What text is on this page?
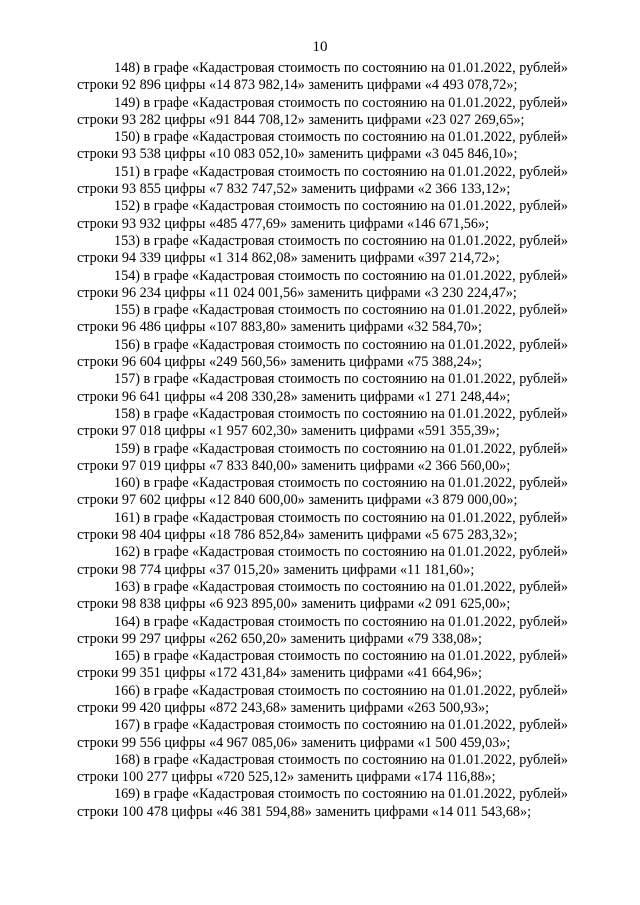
10
148) в графе «Кадастровая стоимость по состоянию на 01.01.2022, рублей»
строки 92 896 цифры «14 873 982,14» заменить цифрами «4 493 078,72»;
149) в графе «Кадастровая стоимость по состоянию на 01.01.2022, рублей»
строки 93 282 цифры «91 844 708,12» заменить цифрами «23 027 269,65»;
150) в графе «Кадастровая стоимость по состоянию на 01.01.2022, рублей»
строки 93 538 цифры «10 083 052,10» заменить цифрами «3 045 846,10»;
151) в графе «Кадастровая стоимость по состоянию на 01.01.2022, рублей»
строки 93 855 цифры «7 832 747,52» заменить цифрами «2 366 133,12»;
152) в графе «Кадастровая стоимость по состоянию на 01.01.2022, рублей»
строки 93 932 цифры «485 477,69» заменить цифрами «146 671,56»;
153) в графе «Кадастровая стоимость по состоянию на 01.01.2022, рублей»
строки 94 339 цифры «1 314 862,08» заменить цифрами «397 214,72»;
154) в графе «Кадастровая стоимость по состоянию на 01.01.2022, рублей»
строки 96 234 цифры «11 024 001,56» заменить цифрами «3 230 224,47»;
155) в графе «Кадастровая стоимость по состоянию на 01.01.2022, рублей»
строки 96 486 цифры «107 883,80» заменить цифрами «32 584,70»;
156) в графе «Кадастровая стоимость по состоянию на 01.01.2022, рублей»
строки 96 604 цифры «249 560,56» заменить цифрами «75 388,24»;
157) в графе «Кадастровая стоимость по состоянию на 01.01.2022, рублей»
строки 96 641 цифры «4 208 330,28» заменить цифрами «1 271 248,44»;
158) в графе «Кадастровая стоимость по состоянию на 01.01.2022, рублей»
строки 97 018 цифры «1 957 602,30» заменить цифрами «591 355,39»;
159) в графе «Кадастровая стоимость по состоянию на 01.01.2022, рублей»
строки 97 019 цифры «7 833 840,00» заменить цифрами «2 366 560,00»;
160) в графе «Кадастровая стоимость по состоянию на 01.01.2022, рублей»
строки 97 602 цифры «12 840 600,00» заменить цифрами «3 879 000,00»;
161) в графе «Кадастровая стоимость по состоянию на 01.01.2022, рублей»
строки 98 404 цифры «18 786 852,84» заменить цифрами «5 675 283,32»;
162) в графе «Кадастровая стоимость по состоянию на 01.01.2022, рублей»
строки 98 774 цифры «37 015,20» заменить цифрами «11 181,60»;
163) в графе «Кадастровая стоимость по состоянию на 01.01.2022, рублей»
строки 98 838 цифры «6 923 895,00» заменить цифрами «2 091 625,00»;
164) в графе «Кадастровая стоимость по состоянию на 01.01.2022, рублей»
строки 99 297 цифры «262 650,20» заменить цифрами «79 338,08»;
165) в графе «Кадастровая стоимость по состоянию на 01.01.2022, рублей»
строки 99 351 цифры «172 431,84» заменить цифрами «41 664,96»;
166) в графе «Кадастровая стоимость по состоянию на 01.01.2022, рублей»
строки 99 420 цифры «872 243,68» заменить цифрами «263 500,93»;
167) в графе «Кадастровая стоимость по состоянию на 01.01.2022, рублей»
строки 99 556 цифры «4 967 085,06» заменить цифрами «1 500 459,03»;
168) в графе «Кадастровая стоимость по состоянию на 01.01.2022, рублей»
строки 100 277 цифры «720 525,12» заменить цифрами «174 116,88»;
169) в графе «Кадастровая стоимость по состоянию на 01.01.2022, рублей»
строки 100 478 цифры «46 381 594,88» заменить цифрами «14 011 543,68»;
